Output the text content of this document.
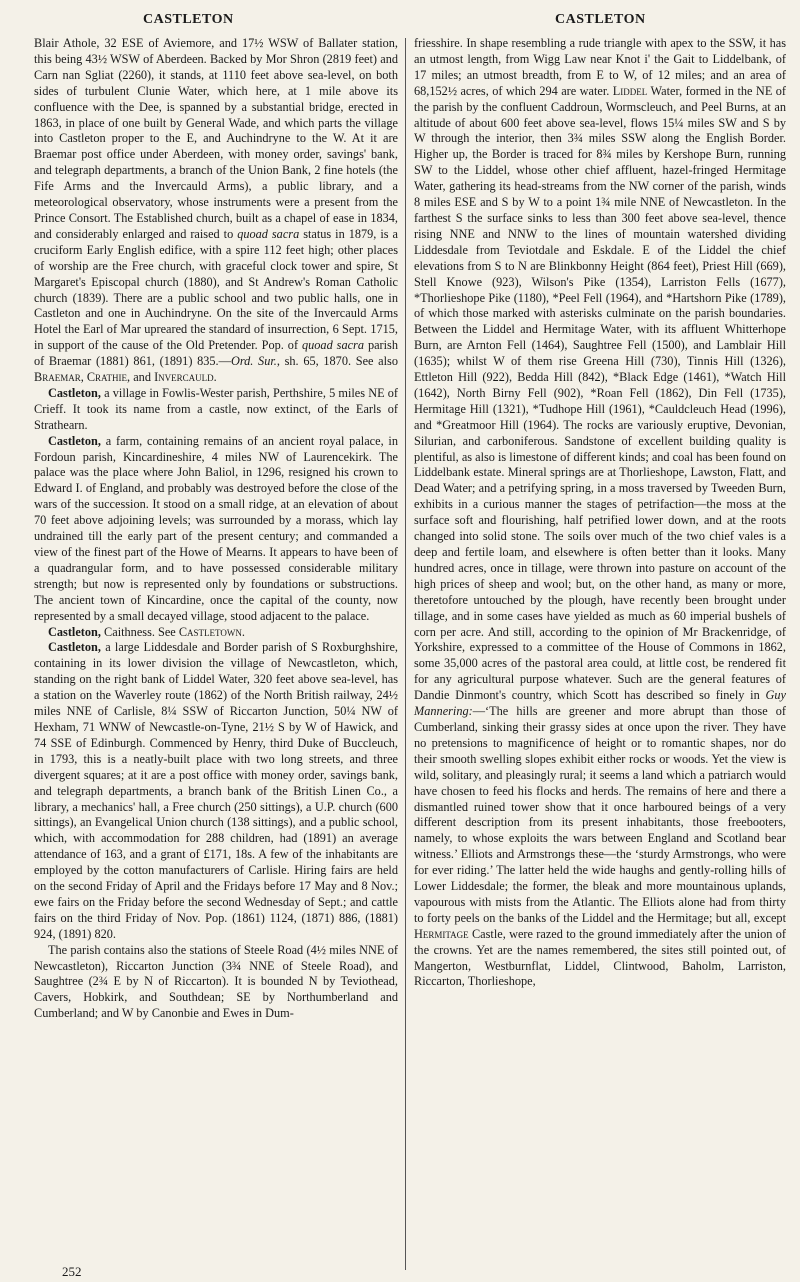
CASTLETON	CASTLETON

Blair Athole, 32 ESE of Aviemore, and 17½ WSW of Ballater station, this being 43½ WSW of Aberdeen. Backed by Mor Shron (2819 feet) and Carn nan Sgliat (2260), it stands, at 1110 feet above sea-level, on both sides of turbulent Clunie Water, which here, at 1 mile above its confluence with the Dee, is spanned by a substantial bridge, erected in 1863, in place of one built by General Wade, and which parts the village into Castleton proper to the E, and Auchindryne to the W. At it are Braemar post office under Aberdeen, with money order, savings' bank, and telegraph departments, a branch of the Union Bank, 2 fine hotels (the Fife Arms and the Invercauld Arms), a public library, and a meteorological observatory, whose instruments were a present from the Prince Consort. The Established church, built as a chapel of ease in 1834, and considerably enlarged and raised to quoad sacra status in 1879, is a cruciform Early English edifice, with a spire 112 feet high; other places of worship are the Free church, with graceful clock tower and spire, St Margaret's Episcopal church (1880), and St Andrew's Roman Catholic church (1839). There are a public school and two public halls, one in Castleton and one in Auchindryne. On the site of the Invercauld Arms Hotel the Earl of Mar upreared the standard of insurrection, 6 Sept. 1715, in support of the cause of the Old Pretender. Pop. of quoad sacra parish of Braemar (1881) 861, (1891) 835.—Ord. Sur., sh. 65, 1870. See also Braemar, Crathie, and Invercauld.

Castleton, a village in Fowlis-Wester parish, Perthshire, 5 miles NE of Crieff. It took its name from a castle, now extinct, of the Earls of Strathearn.

Castleton, a farm, containing remains of an ancient royal palace, in Fordoun parish, Kincardineshire, 4 miles NW of Laurencekirk. The palace was the place where John Baliol, in 1296, resigned his crown to Edward I. of England, and probably was destroyed before the close of the wars of the succession. It stood on a small ridge, at an elevation of about 70 feet above adjoining levels; was surrounded by a morass, which lay undrained till the early part of the present century; and commanded a view of the finest part of the Howe of Mearns. It appears to have been of a quadrangular form, and to have possessed considerable military strength; but now is represented only by foundations or substructions. The ancient town of Kincardine, once the capital of the county, now represented by a small decayed village, stood adjacent to the palace.

Castleton, Caithness. See Castletown.

Castleton, a large Liddesdale and Border parish of S Roxburghshire, containing in its lower division the village of Newcastleton, which, standing on the right bank of Liddel Water, 320 feet above sea-level, has a station on the Waverley route (1862) of the North British railway, 24½ miles NNE of Carlisle, 8¼ SSW of Riccarton Junction, 50¼ NW of Hexham, 71 WNW of Newcastle-on-Tyne, 21½ S by W of Hawick, and 74 SSE of Edinburgh. Commenced by Henry, third Duke of Buccleuch, in 1793, this is a neatly-built place with two long streets, and three divergent squares; at it are a post office with money order, savings bank, and telegraph departments, a branch bank of the British Linen Co., a library, a mechanics' hall, a Free church (250 sittings), a U.P. church (600 sittings), an Evangelical Union church (138 sittings), and a public school, which, with accommodation for 288 children, had (1891) an average attendance of 163, and a grant of £171, 18s. A few of the inhabitants are employed by the cotton manufacturers of Carlisle. Hiring fairs are held on the second Friday of April and the Fridays before 17 May and 8 Nov.; ewe fairs on the Friday before the second Wednesday of Sept.; and cattle fairs on the third Friday of Nov. Pop. (1861) 1124, (1871) 886, (1881) 924, (1891) 820.

The parish contains also the stations of Steele Road (4½ miles NNE of Newcastleton), Riccarton Junction (3¾ NNE of Steele Road), and Saughtree (2¾ E by N of Riccarton). It is bounded N by Teviothead, Cavers, Hobkirk, and Southdean; SE by Northumberland and Cumberland; and W by Canonbie and Ewes in Dum-

friesshire. In shape resembling a rude triangle with apex to the SSW, it has an utmost length, from Wigg Law near Knot i' the Gait to Liddelbank, of 17 miles; an utmost breadth, from E to W, of 12 miles; and an area of 68,152½ acres, of which 294 are water. Liddel Water, formed in the NE of the parish by the confluent Caddroun, Wormscleuch, and Peel Burns, at an altitude of about 600 feet above sea-level, flows 15¼ miles SW and S by W through the interior, then 3¾ miles SSW along the English Border. Higher up, the Border is traced for 8¾ miles by Kershope Burn, running SW to the Liddel, whose other chief affluent, hazel-fringed Hermitage Water, gathering its head-streams from the NW corner of the parish, winds 8 miles ESE and S by W to a point 1¾ mile NNE of Newcastleton. In the farthest S the surface sinks to less than 300 feet above sea-level, thence rising NNE and NNW to the lines of mountain watershed dividing Liddesdale from Teviotdale and Eskdale. E of the Liddel the chief elevations from S to N are Blinkbonny Height (864 feet), Priest Hill (669), Stell Knowe (923), Wilson's Pike (1354), Larriston Fells (1677), *Thorlieshope Pike (1180), *Peel Fell (1964), and *Hartshorn Pike (1789), of which those marked with asterisks culminate on the parish boundaries. Between the Liddel and Hermitage Water, with its affluent Whitterhope Burn, are Arnton Fell (1464), Saughtree Fell (1500), and Lamblair Hill (1635); whilst W of them rise Greena Hill (730), Tinnis Hill (1326), Ettleton Hill (922), Bedda Hill (842), *Black Edge (1461), *Watch Hill (1642), North Birny Fell (902), *Roan Fell (1862), Din Fell (1735), Hermitage Hill (1321), *Tudhope Hill (1961), *Cauldcleuch Head (1996), and *Greatmoor Hill (1964). The rocks are variously eruptive, Devonian, Silurian, and carboniferous. Sandstone of excellent building quality is plentiful, as also is limestone of different kinds; and coal has been found on Liddelbank estate. Mineral springs are at Thorlieshope, Lawston, Flatt, and Dead Water; and a petrifying spring, in a moss traversed by Tweeden Burn, exhibits in a curious manner the stages of petrifaction—the moss at the surface soft and flourishing, half petrified lower down, and at the roots changed into solid stone. The soils over much of the two chief vales is a deep and fertile loam, and elsewhere is often better than it looks. Many hundred acres, once in tillage, were thrown into pasture on account of the high prices of sheep and wool; but, on the other hand, as many or more, theretofore untouched by the plough, have recently been brought under tillage, and in some cases have yielded as much as 60 imperial bushels of corn per acre. And still, according to the opinion of Mr Brackenridge, of Yorkshire, expressed to a committee of the House of Commons in 1862, some 35,000 acres of the pastoral area could, at little cost, be rendered fit for any agricultural purpose whatever. Such are the general features of Dandie Dinmont's country, which Scott has described so finely in Guy Mannering:—‘The hills are greener and more abrupt than those of Cumberland, sinking their grassy sides at once upon the river. They have no pretensions to magnificence of height or to romantic shapes, nor do their smooth swelling slopes exhibit either rocks or woods. Yet the view is wild, solitary, and pleasingly rural; it seems a land which a patriarch would have chosen to feed his flocks and herds. The remains of here and there a dismantled ruined tower show that it once harboured beings of a very different description from its present inhabitants, those freebooters, namely, to whose exploits the wars between England and Scotland bear witness.’ Elliots and Armstrongs these—the ‘sturdy Armstrongs, who were for ever riding.’ The latter held the wide haughs and gently-rolling hills of Lower Liddesdale; the former, the bleak and more mountainous uplands, vapourous with mists from the Atlantic. The Elliots alone had from thirty to forty peels on the banks of the Liddel and the Hermitage; but all, except Hermitage Castle, were razed to the ground immediately after the union of the crowns. Yet are the names remembered, the sites still pointed out, of Mangerton, Westburnflat, Liddel, Clintwood, Baholm, Larriston, Riccarton, Thorlieshope,

252
